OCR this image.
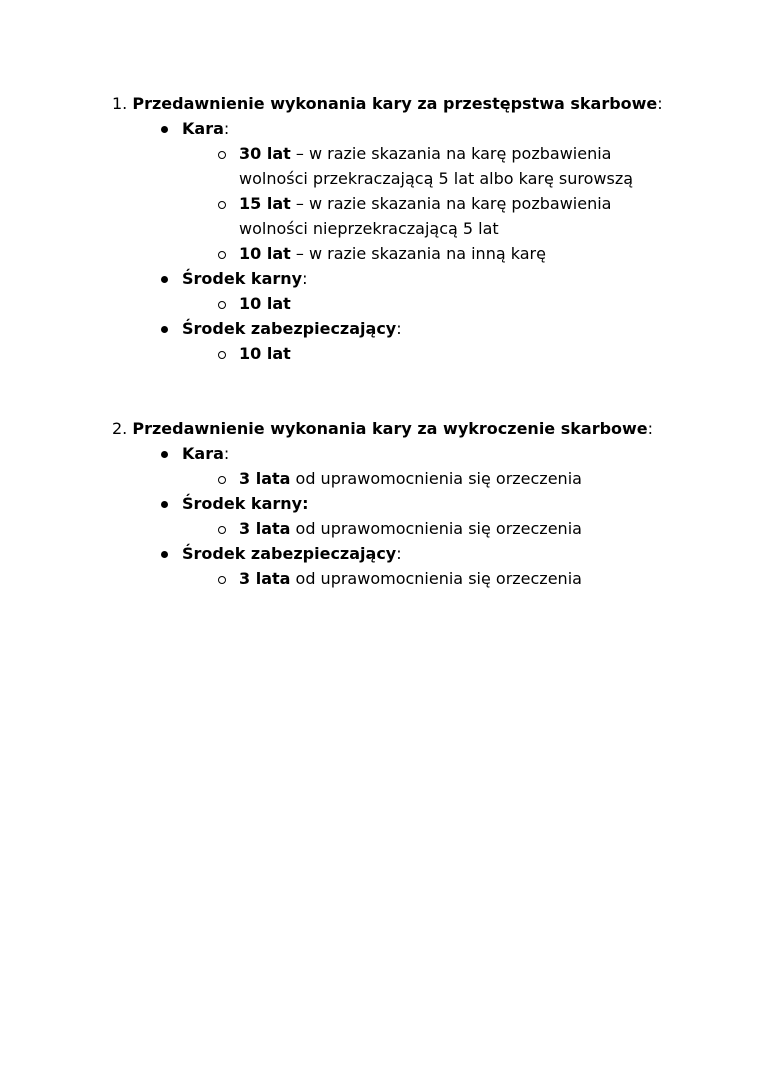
1. Przedawnienie wykonania kary za przestępstwa skarbowe:
Kara:
30 lat – w razie skazania na karę pozbawienia
wolności przekraczającą 5 lat albo karę surowszą
15 lat – w razie skazania na karę pozbawienia
wolności nieprzekraczającą 5 lat
10 lat – w razie skazania na inną karę
Środek karny:
10 lat
Środek zabezpieczający:
10 lat
2. Przedawnienie wykonania kary za wykroczenie skarbowe:
Kara:
3 lata od uprawomocnienia się orzeczenia
Środek karny:
3 lata od uprawomocnienia się orzeczenia
Środek zabezpieczający:
3 lata od uprawomocnienia się orzeczenia
